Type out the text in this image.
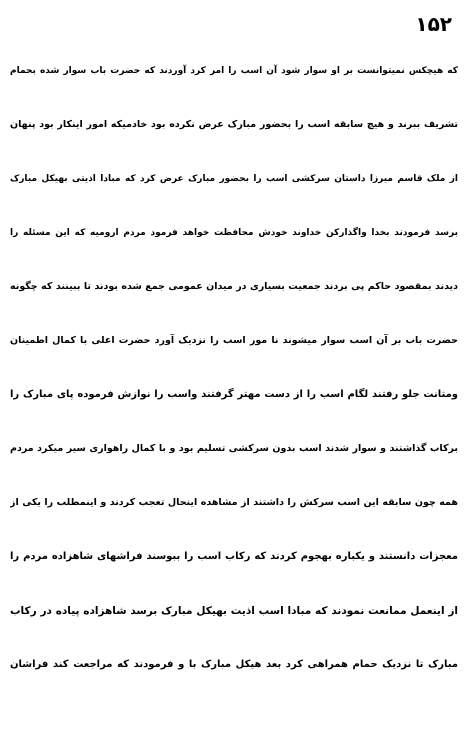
۱۵۲
که هیچکس نمیتوانست بر او سوار شود آن اسب را امر کرد آوردند که حضرت باب سوار شده بحمام
تشریف ببرند و هیچ سابقه اسب را بحضور مبارک عرض نکرده بود خادمیکه امور اینکار بود پنهان
از ملک قاسم میرزا داستان سرکشی اسب را بحضور مبارک عرض کرد که مبادا اذیتی بهیکل مبارک
برسد فرمودند بخدا واگذارکن خداوند خودش محافظت خواهد فرمود مردم ارومیه که این مسئله را
دیدند بمقصود حاکم پی بردند جمعیت بسیاری در میدان عمومی جمع شده بودند تا ببینند که چگونه
حضرت باب بر آن اسب سوار میشوند نا مور اسب را نزدیک آورد حضرت اعلی با کمال اطمینان
ومتانت جلو رفتند لگام اسب را از دست مهتر گرفتند واسب را نوازش فرموده پای مبارک را
برکاب گذاشتند و سوار شدند اسب بدون سرکشی تسلیم بود و با کمال راهواری سیر میکرد مردم
همه چون سابقه این اسب سرکش را داشتند از مشاهده اینحال تعجب کردند و اینمطلب را یکی از
معجزات دانستند و یکباره بهجوم کردند که رکاب اسب را ببوسند فراشهای شاهزاده مردم را
از اینعمل ممانعت نمودند که مبادا اسب اذیت بهیکل مبارک برسد شاهزاده پیاده در رکاب
مبارک تا نزدیک حمام همراهی کرد بعد هیکل مبارک با و فرمودند که مراجعت کند فراشان
